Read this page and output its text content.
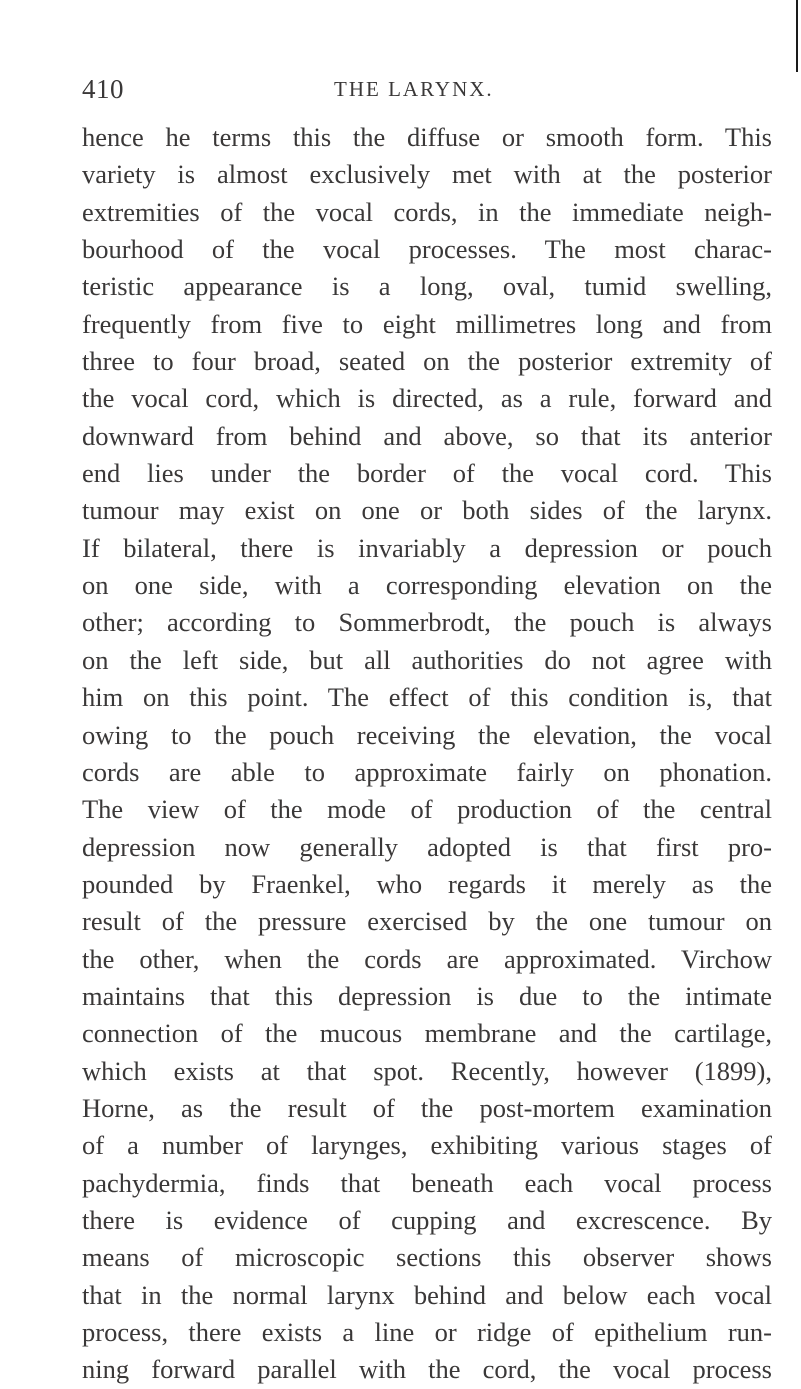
410	THE LARYNX.
hence he terms this the diffuse or smooth form. This
variety is almost exclusively met with at the posterior
extremities of the vocal cords, in the immediate neigh-
bourhood of the vocal processes. The most charac-
teristic appearance is a long, oval, tumid swelling,
frequently from five to eight millimetres long and from
three to four broad, seated on the posterior extremity of
the vocal cord, which is directed, as a rule, forward and
downward from behind and above, so that its anterior
end lies under the border of the vocal cord. This
tumour may exist on one or both sides of the larynx.
If bilateral, there is invariably a depression or pouch
on one side, with a corresponding elevation on the
other; according to Sommerbrodt, the pouch is always
on the left side, but all authorities do not agree with
him on this point. The effect of this condition is, that
owing to the pouch receiving the elevation, the vocal
cords are able to approximate fairly on phonation.
The view of the mode of production of the central
depression now generally adopted is that first pro-
pounded by Fraenkel, who regards it merely as the
result of the pressure exercised by the one tumour on
the other, when the cords are approximated. Virchow
maintains that this depression is due to the intimate
connection of the mucous membrane and the cartilage,
which exists at that spot. Recently, however (1899),
Horne, as the result of the post-mortem examination
of a number of larynges, exhibiting various stages of
pachydermia, finds that beneath each vocal process
there is evidence of cupping and excrescence. By
means of microscopic sections this observer shows
that in the normal larynx behind and below each vocal
process, there exists a line or ridge of epithelium run-
ning forward parallel with the cord, the vocal process
